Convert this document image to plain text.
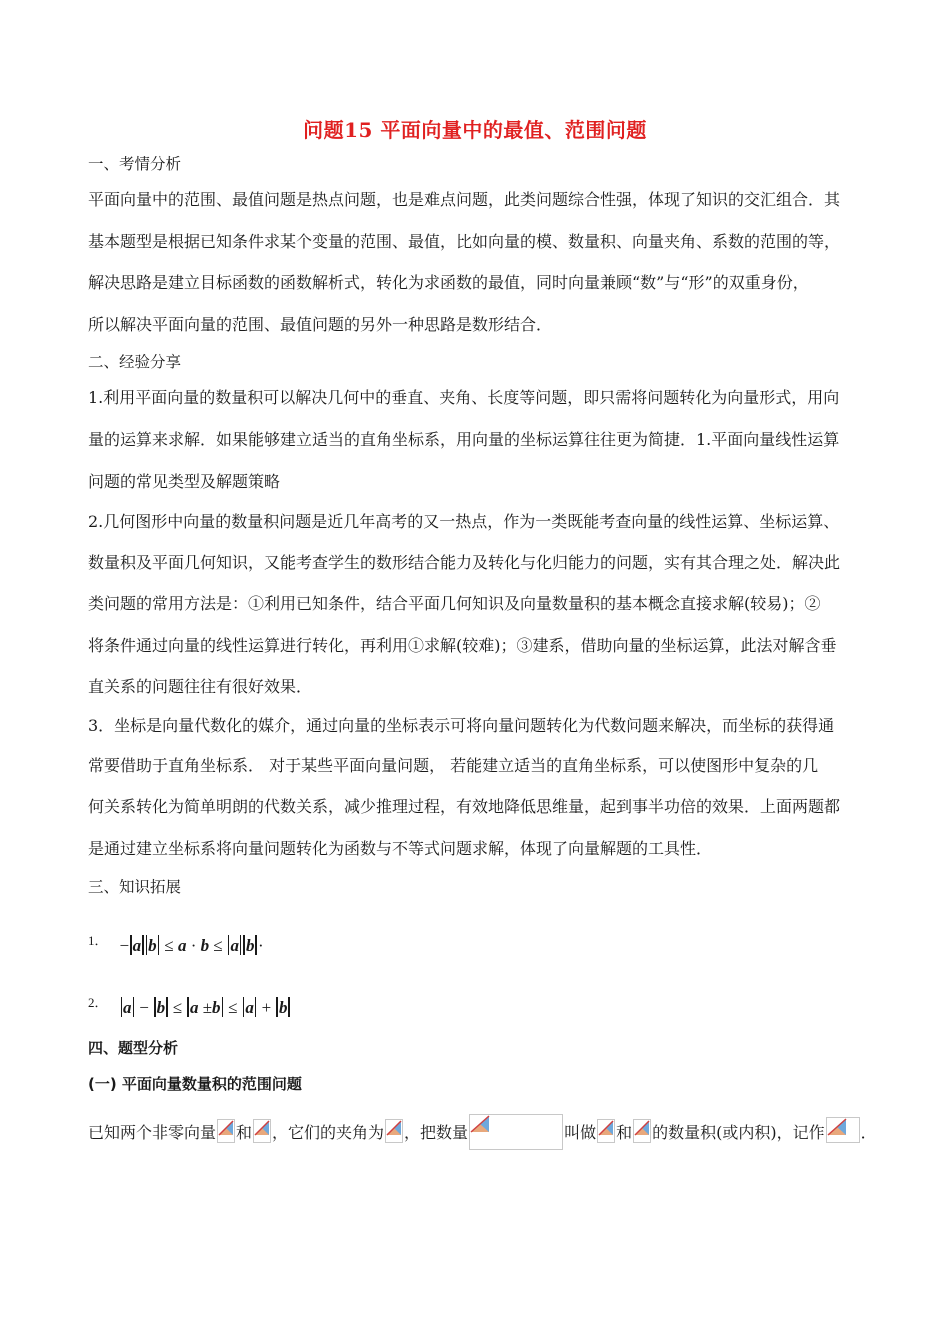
问题15 平面向量中的最值、范围问题
一、考情分析
平面向量中的范围、最值问题是热点问题，也是难点问题，此类问题综合性强，体现了知识的交汇组合．其
基本题型是根据已知条件求某个变量的范围、最值，比如向量的模、数量积、向量夹角、系数的范围的等，
解决思路是建立目标函数的函数解析式，转化为求函数的最值，同时向量兼顾“数”与“形”的双重身份，
所以解决平面向量的范围、最值问题的另外一种思路是数形结合．
二、经验分享
1.利用平面向量的数量积可以解决几何中的垂直、夹角、长度等问题，即只需将问题转化为向量形式，用向
量的运算来求解．如果能够建立适当的直角坐标系，用向量的坐标运算往往更为简捷．1.平面向量线性运算
问题的常见类型及解题策略
2.几何图形中向量的数量积问题是近几年高考的又一热点，作为一类既能考查向量的线性运算、坐标运算、
数量积及平面几何知识，又能考查学生的数形结合能力及转化与化归能力的问题，实有其合理之处．解决此
类问题的常用方法是：①利用已知条件，结合平面几何知识及向量数量积的基本概念直接求解(较易)；②
将条件通过向量的线性运算进行转化，再利用①求解(较难)；③建系，借助向量的坐标运算，此法对解含垂
直关系的问题往往有很好效果．
3．坐标是向量代数化的媒介，通过向量的坐标表示可将向量问题转化为代数问题来解决，而坐标的获得通
常要借助于直角坐标系． 对于某些平面向量问题， 若能建立适当的直角坐标系，可以使图形中复杂的几
何关系转化为简单明朗的代数关系，减少推理过程，有效地降低思维量，起到事半功倍的效果．上面两题都
是通过建立坐标系将向量问题转化为函数与不等式问题求解，体现了向量解题的工具性．
三、知识拓展
$^{1.}$ − a b ≤ a · b ≤ a b ·
$^{2.}$ a − b ≤ a ±b ≤ a + b
四、题型分析
(一) 平面向量数量积的范围问题
已知两个非零向量 和 ，它们的夹角为 ，把数量	叫做 和 的数量积(或内积)，记作 ．
